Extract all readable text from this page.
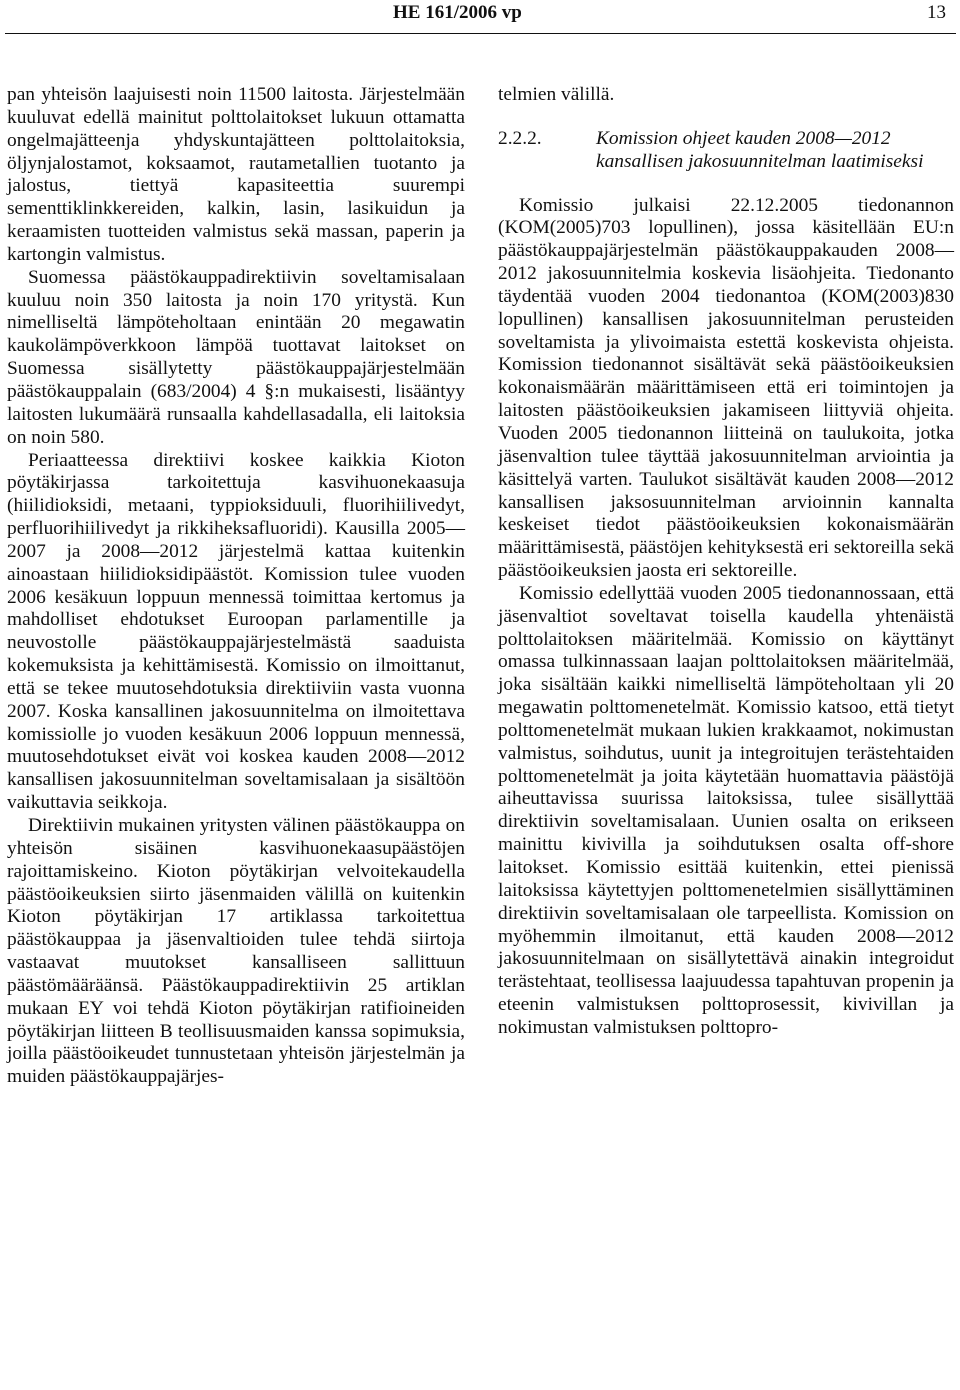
HE 161/2006 vp	13

pan yhteisön laajuisesti noin 11500 laitosta. Järjestelmään kuuluvat edellä mainitut polttolaitokset lukuun ottamatta ongelmajätteenja yhdyskuntajätteen polttolaitoksia, öljynjalostamot, koksaamot, rautametallien tuotanto ja jalostus, tiettyä kapasiteettia suurempi sementtiklinkkereiden, kalkin, lasin, lasikuidun ja keraamisten tuotteiden valmistus sekä massan, paperin ja kartongin valmistus.

Suomessa päästökauppadirektiivin soveltamisalaan kuuluu noin 350 laitosta ja noin 170 yritystä. Kun nimelliseltä lämpöteholtaan enintään 20 megawatin kaukolämpöverkkoon lämpöä tuottavat laitokset on Suomessa sisällytetty päästökauppajärjestelmään päästökauppalain (683/2004) 4 §:n mukaisesti, lisääntyy laitosten lukumäärä runsaalla kahdellasadalla, eli laitoksia on noin 580.

Periaatteessa direktiivi koskee kaikkia Kioton pöytäkirjassa tarkoitettuja kasvihuonekaasuja (hiilidioksidi, metaani, typpioksiduuli, fluorihiilivedyt, perfluorihiilivedyt ja rikkiheksafluoridi). Kausilla 2005—2007 ja 2008—2012 järjestelmä kattaa kuitenkin ainoastaan hiilidioksidipäästöt. Komission tulee vuoden 2006 kesäkuun loppuun mennessä toimittaa kertomus ja mahdolliset ehdotukset Euroopan parlamentille ja neuvostolle päästökauppajärjestelmästä saaduista kokemuksista ja kehittämisestä. Komissio on ilmoittanut, että se tekee muutosehdotuksia direktiiviin vasta vuonna 2007. Koska kansallinen jakosuunnitelma on ilmoitettava komissiolle jo vuoden kesäkuun 2006 loppuun mennessä, muutosehdotukset eivät voi koskea kauden 2008—2012 kansallisen jakosuunnitelman soveltamisalaan ja sisältöön vaikuttavia seikkoja.

Direktiivin mukainen yritysten välinen päästökauppa on yhteisön sisäinen kasvihuonekaasupäästöjen rajoittamiskeino. Kioton pöytäkirjan velvoitekaudella päästöoikeuksien siirto jäsenmaiden välillä on kuitenkin Kioton pöytäkirjan 17 artiklassa tarkoitettua päästökauppaa ja jäsenvaltioiden tulee tehdä siirtoja vastaavat muutokset kansalliseen sallittuun päästömääräänsä. Päästökauppadirektiivin 25 artiklan mukaan EY voi tehdä Kioton pöytäkirjan ratifioineiden pöytäkirjan liitteen B teollisuusmaiden kanssa sopimuksia, joilla päästöoikeudet tunnustetaan yhteisön järjestelmän ja muiden päästökauppajärjes-

telmien välillä.

2.2.2.	Komission ohjeet kauden 2008—2012 kansallisen jakosuunnitelman laatimiseksi

Komissio julkaisi 22.12.2005 tiedonannon (KOM(2005)703 lopullinen), jossa käsitellään EU:n päästökauppajärjestelmän päästökauppakauden 2008—2012 jakosuunnitelmia koskevia lisäohjeita. Tiedonanto täydentää vuoden 2004 tiedonantoa (KOM(2003)830 lopullinen) kansallisen jakosuunnitelman perusteiden soveltamista ja ylivoimaista estettä koskevista ohjeista. Komission tiedonannot sisältävät sekä päästöoikeuksien kokonaismäärän määrittämiseen että eri toimintojen ja laitosten päästöoikeuksien jakamiseen liittyviä ohjeita. Vuoden 2005 tiedonannon liitteinä on taulukoita, jotka jäsenvaltion tulee täyttää jakosuunnitelman arviointia ja käsittelyä varten. Taulukot sisältävät kauden 2008—2012 kansallisen jaksosuunnitelman arvioinnin kannalta keskeiset tiedot päästöoikeuksien kokonaismäärän määrittämisestä, päästöjen kehityksestä eri sektoreilla sekä päästöoikeuksien jaosta eri sektoreille.

Komissio edellyttää vuoden 2005 tiedonannossaan, että jäsenvaltiot soveltavat toisella kaudella yhtenäistä polttolaitoksen määritelmää. Komissio on käyttänyt omassa tulkinnassaan laajan polttolaitoksen määritelmää, joka sisältään kaikki nimelliseltä lämpöteholtaan yli 20 megawatin polttomenetelmät. Komissio katsoo, että tietyt polttomenetelmät mukaan lukien krakkaamot, nokimustan valmistus, soihdutus, uunit ja integroitujen terästehtaiden polttomenetelmät ja joita käytetään huomattavia päästöjä aiheuttavissa suurissa laitoksissa, tulee sisällyttää direktiivin soveltamisalaan. Uunien osalta on erikseen mainittu kivivilla ja soihdutuksen osalta off-shore laitokset. Komissio esittää kuitenkin, ettei pienissä laitoksissa käytettyjen polttomenetelmien sisällyttäminen direktiivin soveltamisalaan ole tarpeellista. Komission on myöhemmin ilmoitanut, että kauden 2008—2012 jakosuunnitelmaan on sisällytettävä ainakin integroidut terästehtaat, teollisessa laajuudessa tapahtuvan propenin ja eteenin valmistuksen polttoprosessit, kivivillan ja nokimustan valmistuksen polttopro-
